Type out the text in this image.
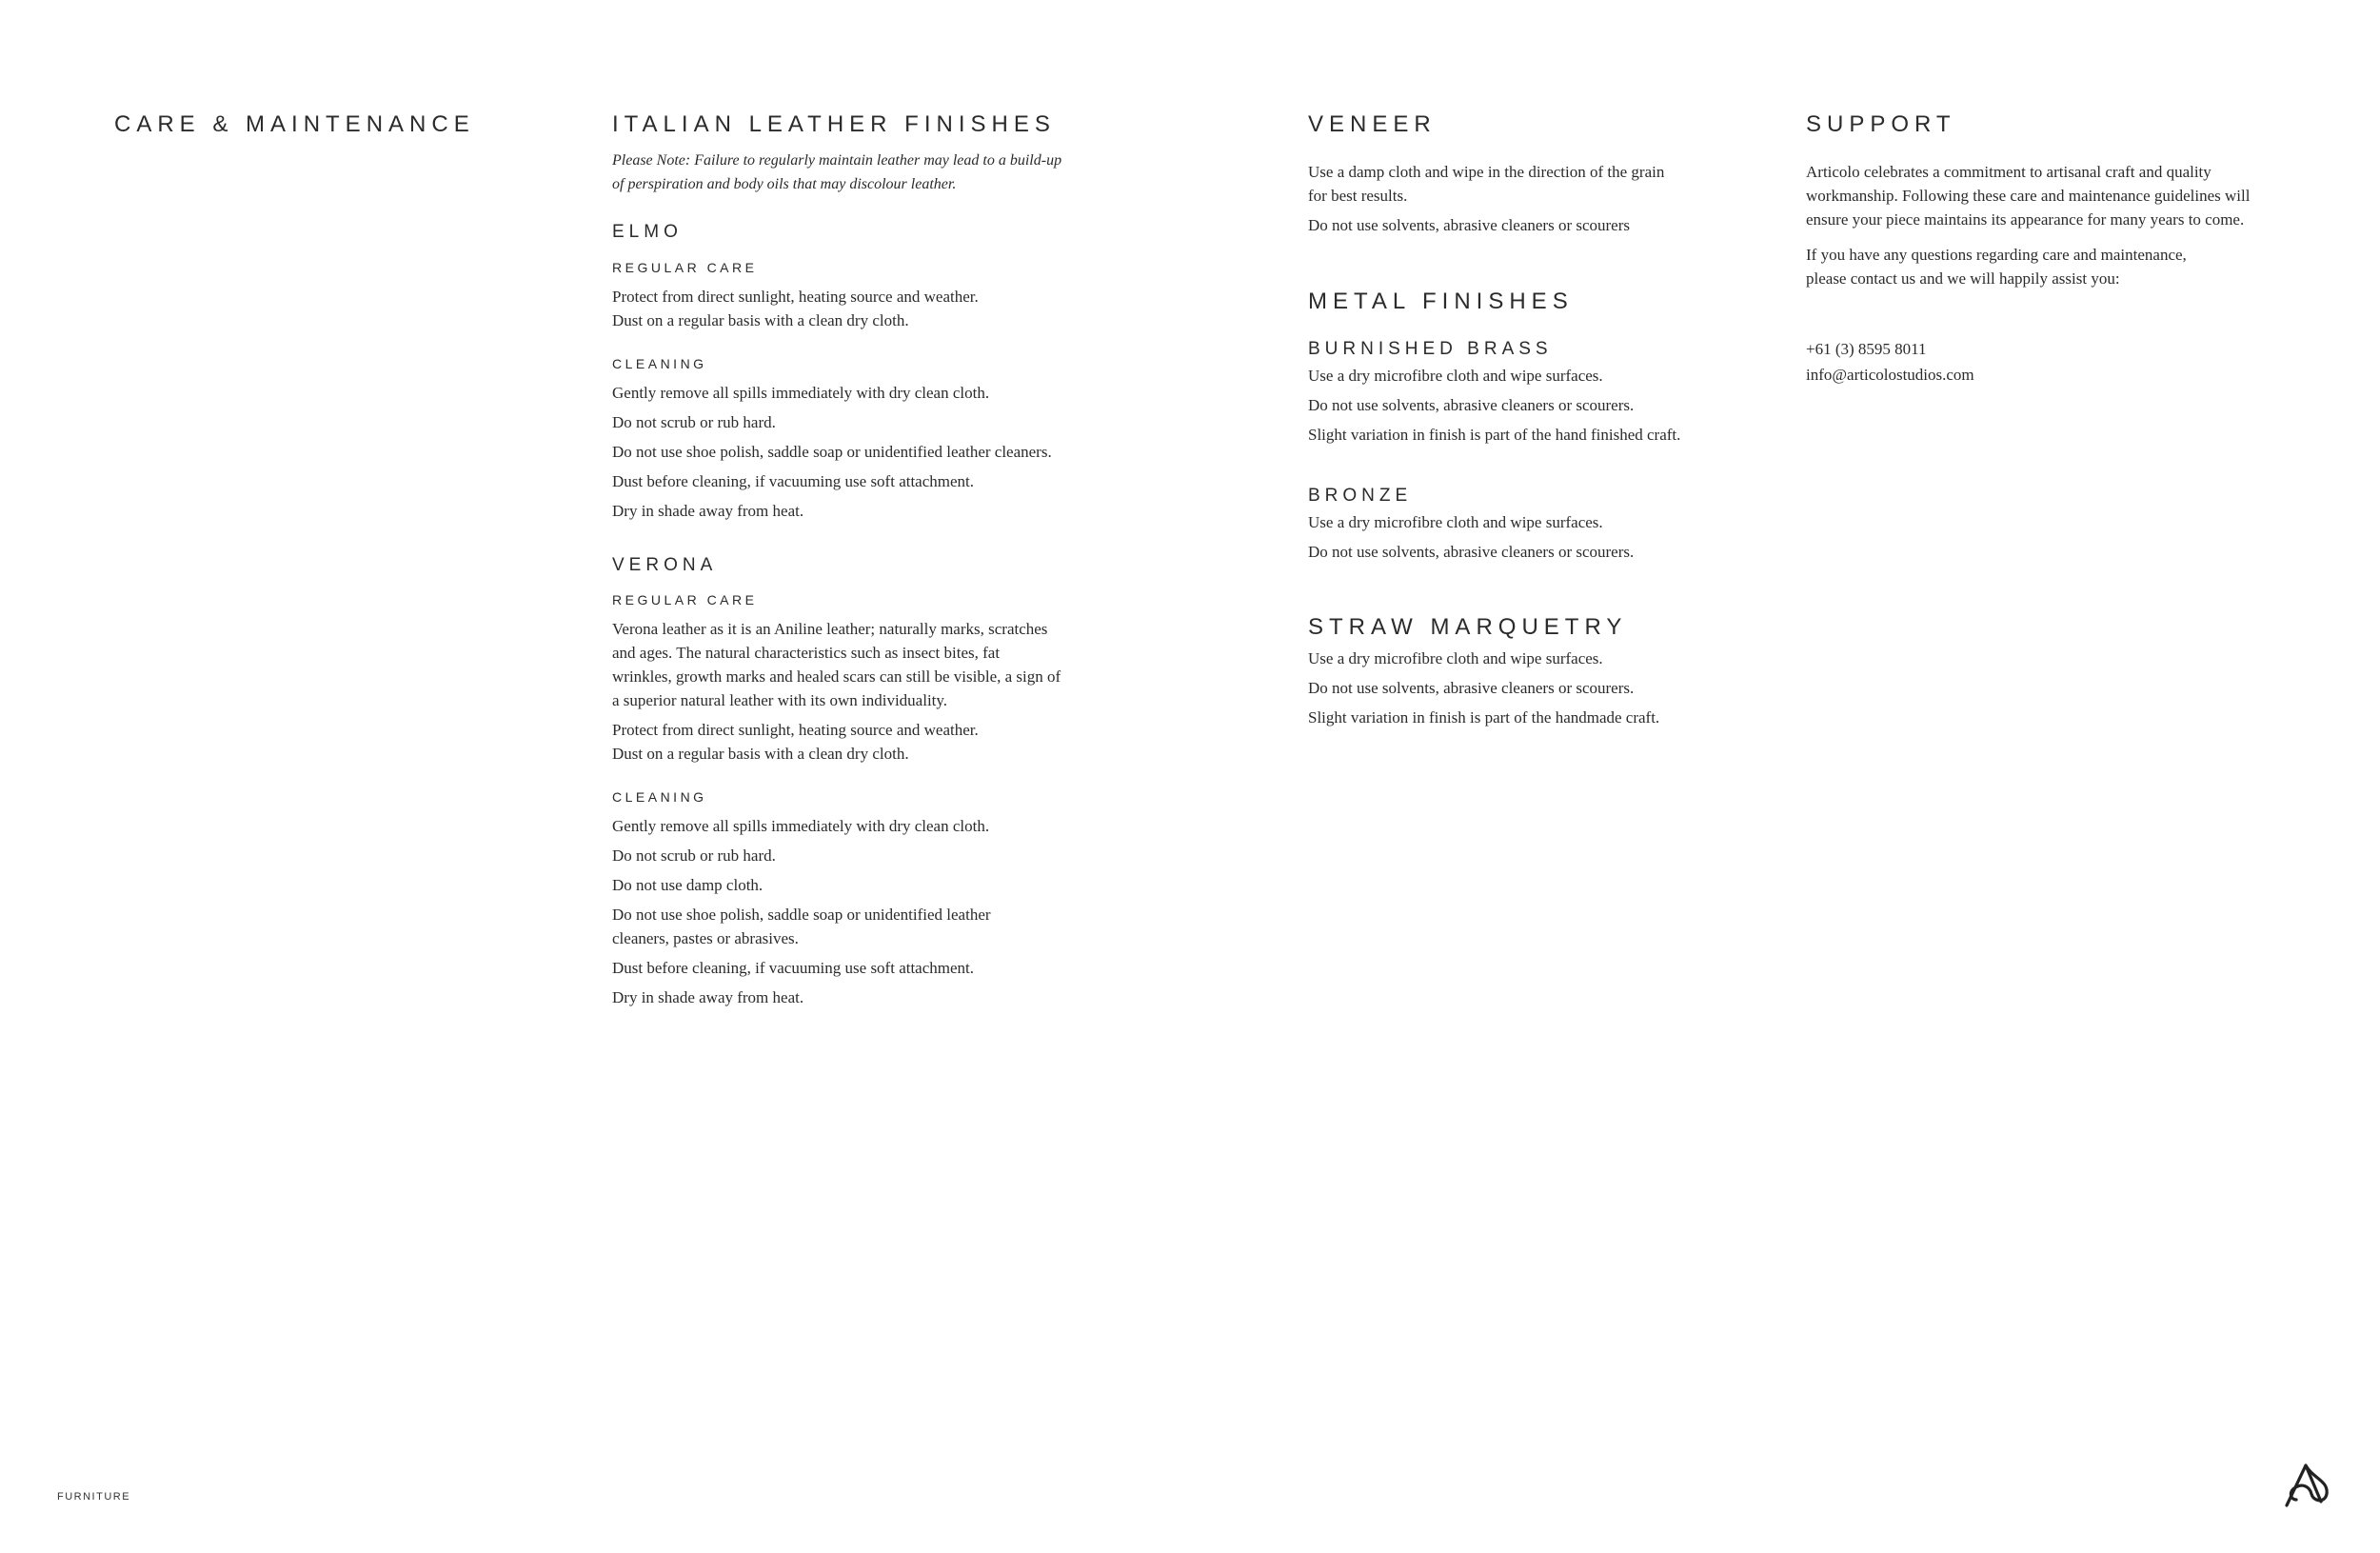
CARE & MAINTENANCE	ITALIAN LEATHER FINISHES

Please Note: Failure to regularly maintain leather may lead to a build-up

of perspiration and body oils that may discolour leather.

ELMO
REGULAR CARE

Protect from direct sunlight, heating source and weather.

Dust on a regular basis with a clean dry cloth.

CLEANING

Gently remove all spills immediately with dry clean cloth.

Do not scrub or rub hard.

Do not use shoe polish, saddle soap or unidentified leather cleaners.

Dust before cleaning, if vacuuming use soft attachment.

Dry in shade away from heat.

VERONA
REGULAR CARE

Verona leather as it is an Aniline leather; naturally marks, scratches

and ages. The natural characteristics such as insect bites, fat

wrinkles, growth marks and healed scars can still be visible, a sign of

a superior natural leather with its own individuality.

Protect from direct sunlight, heating source and weather.

Dust on a regular basis with a clean dry cloth.

CLEANING

Gently remove all spills immediately with dry clean cloth.

Do not scrub or rub hard.

Do not use damp cloth.

Do not use shoe polish, saddle soap or unidentified leather

cleaners, pastes or abrasives.

Dust before cleaning, if vacuuming use soft attachment.

Dry in shade away from heat.

VENEER

Use a damp cloth and wipe in the direction of the grain

for best results.

Do not use solvents, abrasive cleaners or scourers

METAL FINISHES
BURNISHED BRASS

Use a dry microfibre cloth and wipe surfaces.

Do not use solvents, abrasive cleaners or scourers.

Slight variation in finish is part of the hand finished craft.

BRONZE

Use a dry microfibre cloth and wipe surfaces.

Do not use solvents, abrasive cleaners or scourers.

STRAW MARQUETRY

Use a dry microfibre cloth and wipe surfaces.

Do not use solvents, abrasive cleaners or scourers.

Slight variation in finish is part of the handmade craft.

SUPPORT

Articolo celebrates a commitment to artisanal craft and quality

workmanship. Following these care and maintenance guidelines will

ensure your piece maintains its appearance for many years to come.

If you have any questions regarding care and maintenance,

please contact us and we will happily assist you:

+61 (3) 8595 8011
info@articolostudios.com
FURNITURE
